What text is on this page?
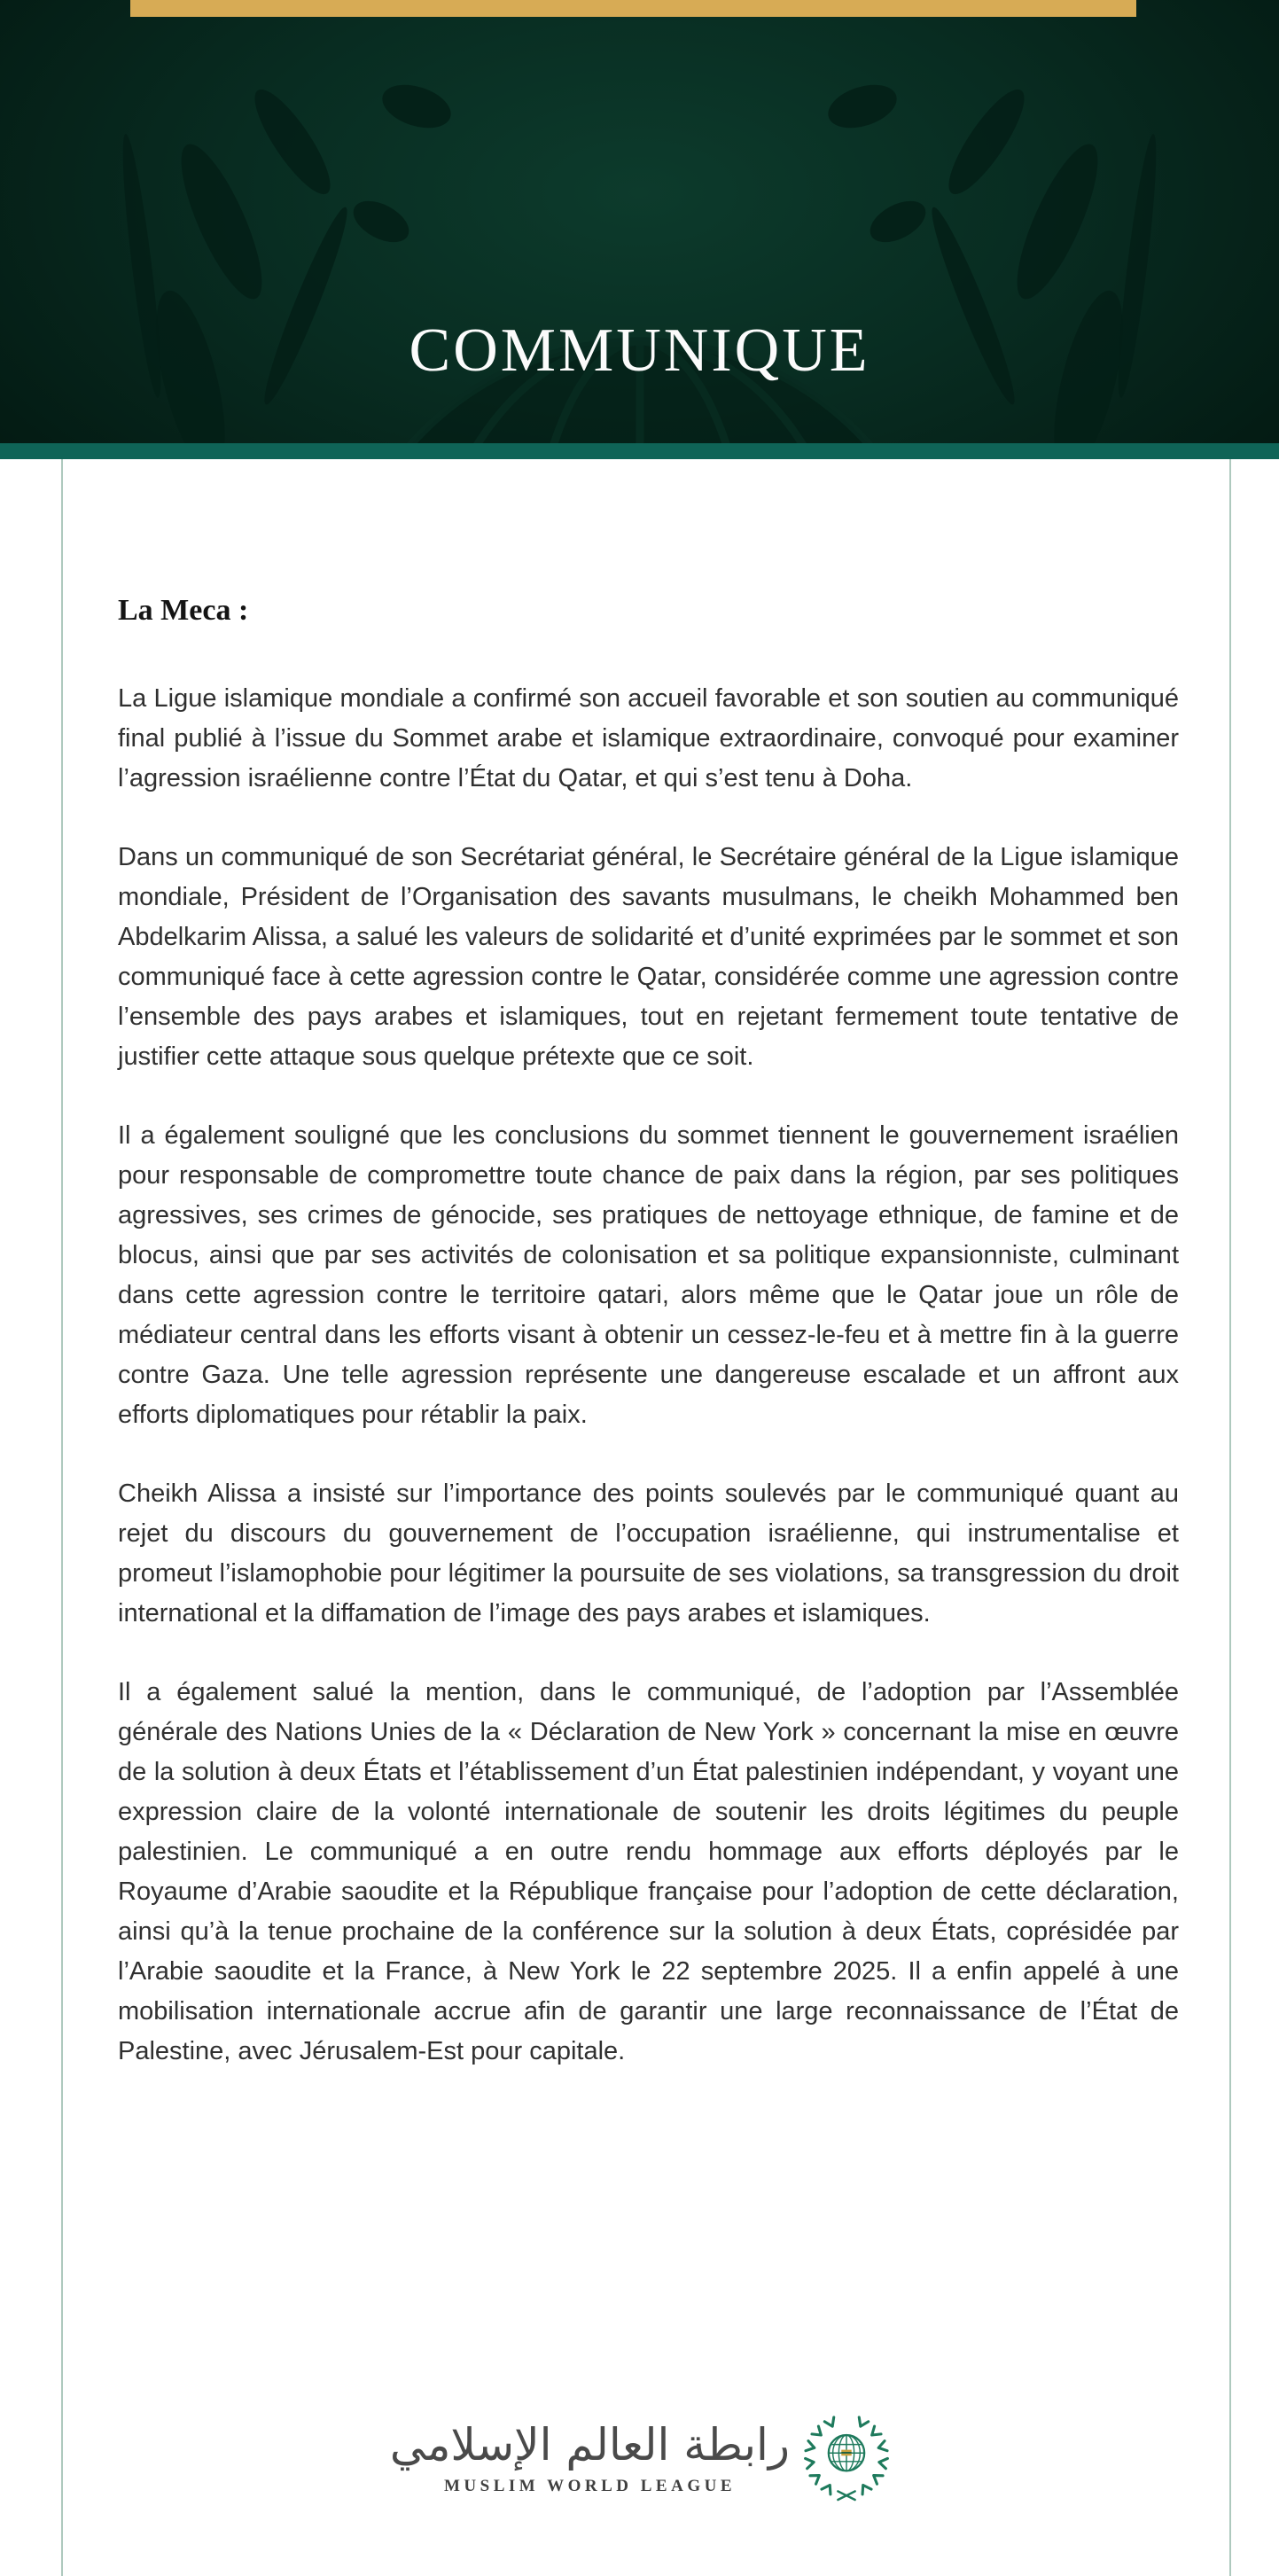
COMMUNIQUE
La Meca :

La Ligue islamique mondiale a confirmé son accueil favorable et son soutien au communiqué final publié à l’issue du Sommet arabe et islamique extraordinaire, convoqué pour examiner l’agression israélienne contre l’État du Qatar, et qui s’est tenu à Doha.

Dans un communiqué de son Secrétariat général, le Secrétaire général de la Ligue islamique mondiale, Président de l’Organisation des savants musulmans, le cheikh Mohammed ben Abdelkarim Alissa, a salué les valeurs de solidarité et d’unité exprimées par le sommet et son communiqué face à cette agression contre le Qatar, considérée comme une agression contre l’ensemble des pays arabes et islamiques, tout en rejetant fermement toute tentative de justifier cette attaque sous quelque prétexte que ce soit.

Il a également souligné que les conclusions du sommet tiennent le gouvernement israélien pour responsable de compromettre toute chance de paix dans la région, par ses politiques agressives, ses crimes de génocide, ses pratiques de nettoyage ethnique, de famine et de blocus, ainsi que par ses activités de colonisation et sa politique expansionniste, culminant dans cette agression contre le territoire qatari, alors même que le Qatar joue un rôle de médiateur central dans les efforts visant à obtenir un cessez-le-feu et à mettre fin à la guerre contre Gaza. Une telle agression représente une dangereuse escalade et un affront aux efforts diplomatiques pour rétablir la paix.

Cheikh Alissa a insisté sur l’importance des points soulevés par le communiqué quant au rejet du discours du gouvernement de l’occupation israélienne, qui instrumentalise et promeut l’islamophobie pour légitimer la poursuite de ses violations, sa transgression du droit international et la diffamation de l’image des pays arabes et islamiques.

Il a également salué la mention, dans le communiqué, de l’adoption par l’Assemblée générale des Nations Unies de la « Déclaration de New York » concernant la mise en œuvre de la solution à deux États et l’établissement d’un État palestinien indépendant, y voyant une expression claire de la volonté internationale de soutenir les droits légitimes du peuple palestinien. Le communiqué a en outre rendu hommage aux efforts déployés par le Royaume d’Arabie saoudite et la République française pour l’adoption de cette déclaration, ainsi qu’à la tenue prochaine de la conférence sur la solution à deux États, coprésidée par l’Arabie saoudite et la France, à New York le 22 septembre 2025. Il a enfin appelé à une mobilisation internationale accrue afin de garantir une large reconnaissance de l’État de Palestine, avec Jérusalem-Est pour capitale.

رابطة العالم الإسلامي
MUSLIM WORLD LEAGUE
